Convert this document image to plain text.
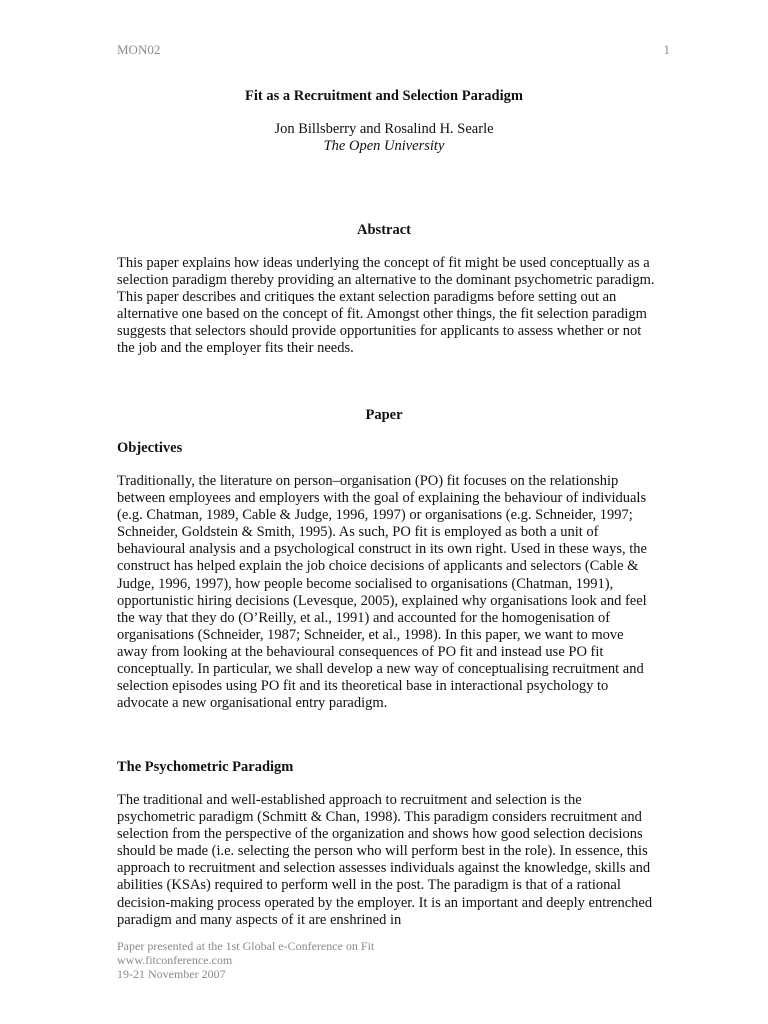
MON02	1
Fit as a Recruitment and Selection Paradigm
Jon Billsberry and Rosalind H. Searle
The Open University
Abstract

This paper explains how ideas underlying the concept of fit might be used conceptually as a selection paradigm thereby providing an alternative to the dominant psychometric paradigm. This paper describes and critiques the extant selection paradigms before setting out an alternative one based on the concept of fit. Amongst other things, the fit selection paradigm suggests that selectors should provide opportunities for applicants to assess whether or not the job and the employer fits their needs.

Paper
Objectives

Traditionally, the literature on person–organisation (PO) fit focuses on the relationship between employees and employers with the goal of explaining the behaviour of individuals (e.g. Chatman, 1989, Cable & Judge, 1996, 1997) or organisations (e.g. Schneider, 1997; Schneider, Goldstein & Smith, 1995). As such, PO fit is employed as both a unit of behavioural analysis and a psychological construct in its own right. Used in these ways, the construct has helped explain the job choice decisions of applicants and selectors (Cable & Judge, 1996, 1997), how people become socialised to organisations (Chatman, 1991), opportunistic hiring decisions (Levesque, 2005), explained why organisations look and feel the way that they do (O’Reilly, et al., 1991) and accounted for the homogenisation of organisations (Schneider, 1987; Schneider, et al., 1998). In this paper, we want to move away from looking at the behavioural consequences of PO fit and instead use PO fit conceptually. In particular, we shall develop a new way of conceptualising recruitment and selection episodes using PO fit and its theoretical base in interactional psychology to advocate a new organisational entry paradigm.

The Psychometric Paradigm

The traditional and well-established approach to recruitment and selection is the psychometric paradigm (Schmitt & Chan, 1998). This paradigm considers recruitment and selection from the perspective of the organization and shows how good selection decisions should be made (i.e. selecting the person who will perform best in the role). In essence, this approach to recruitment and selection assesses individuals against the knowledge, skills and abilities (KSAs) required to perform well in the post. The paradigm is that of a rational decision-making process operated by the employer. It is an important and deeply entrenched paradigm and many aspects of it are enshrined in

Paper presented at the 1st Global e-Conference on Fit
www.fitconference.com
19-21 November 2007
